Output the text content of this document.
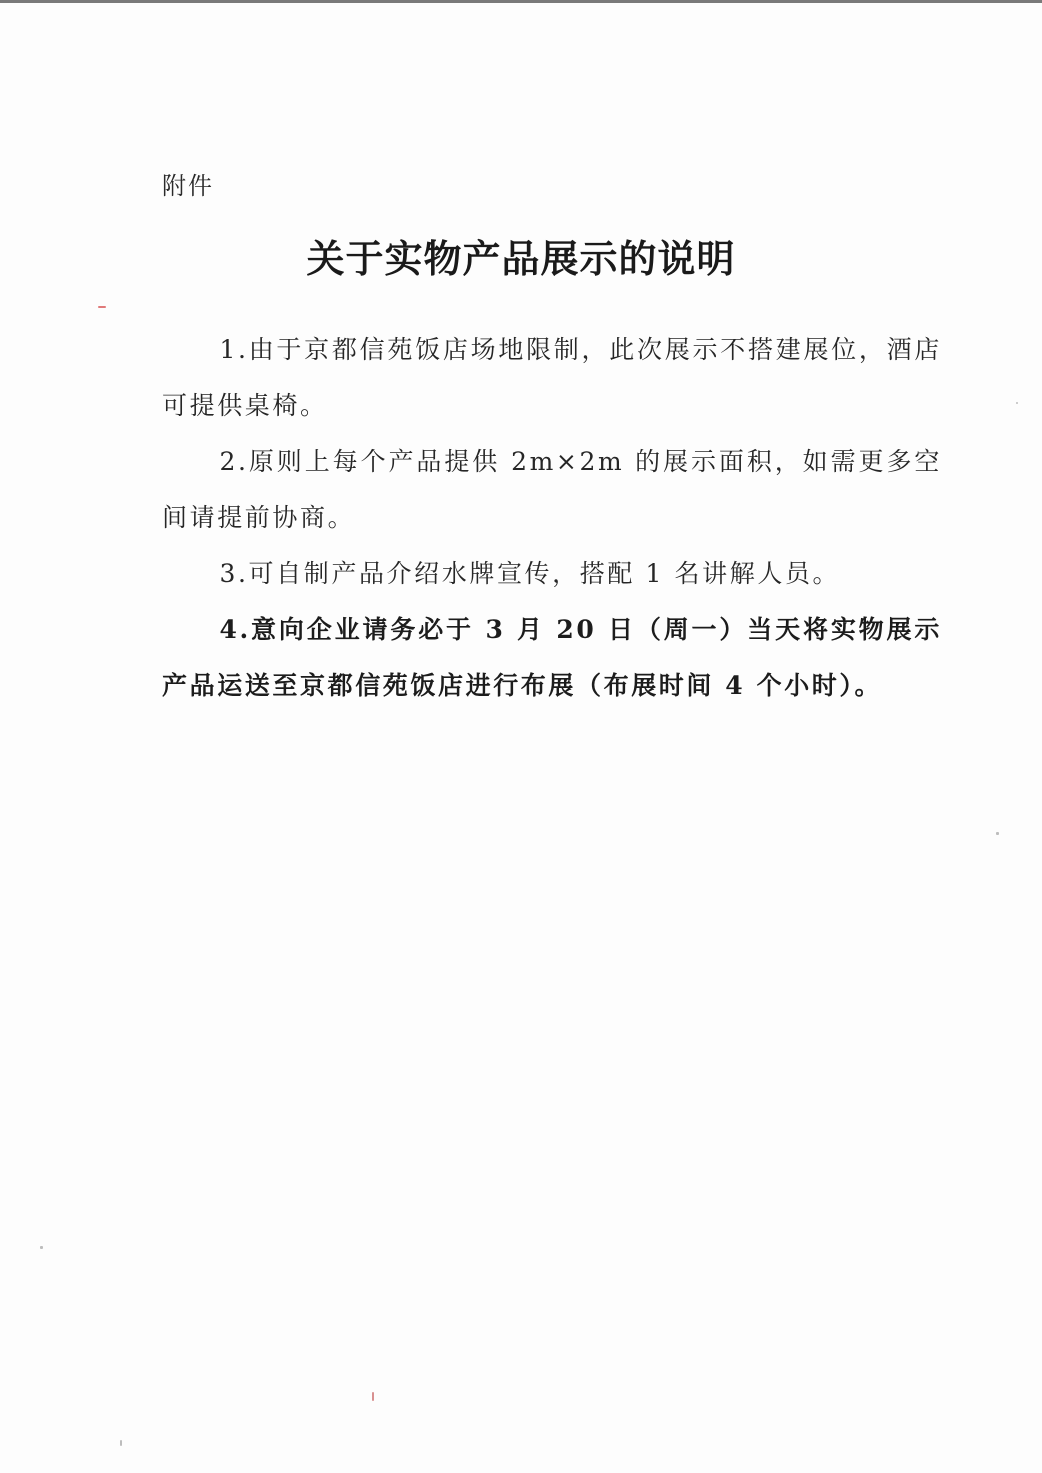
附件
关于实物产品展示的说明

1.由于京都信苑饭店场地限制，此次展示不搭建展位，酒店可提供桌椅。

2.原则上每个产品提供 2m×2m 的展示面积，如需更多空间请提前协商。

3.可自制产品介绍水牌宣传，搭配 1 名讲解人员。

4.意向企业请务必于 3 月 20 日（周一）当天将实物展示产品运送至京都信苑饭店进行布展（布展时间 4 个小时）。
